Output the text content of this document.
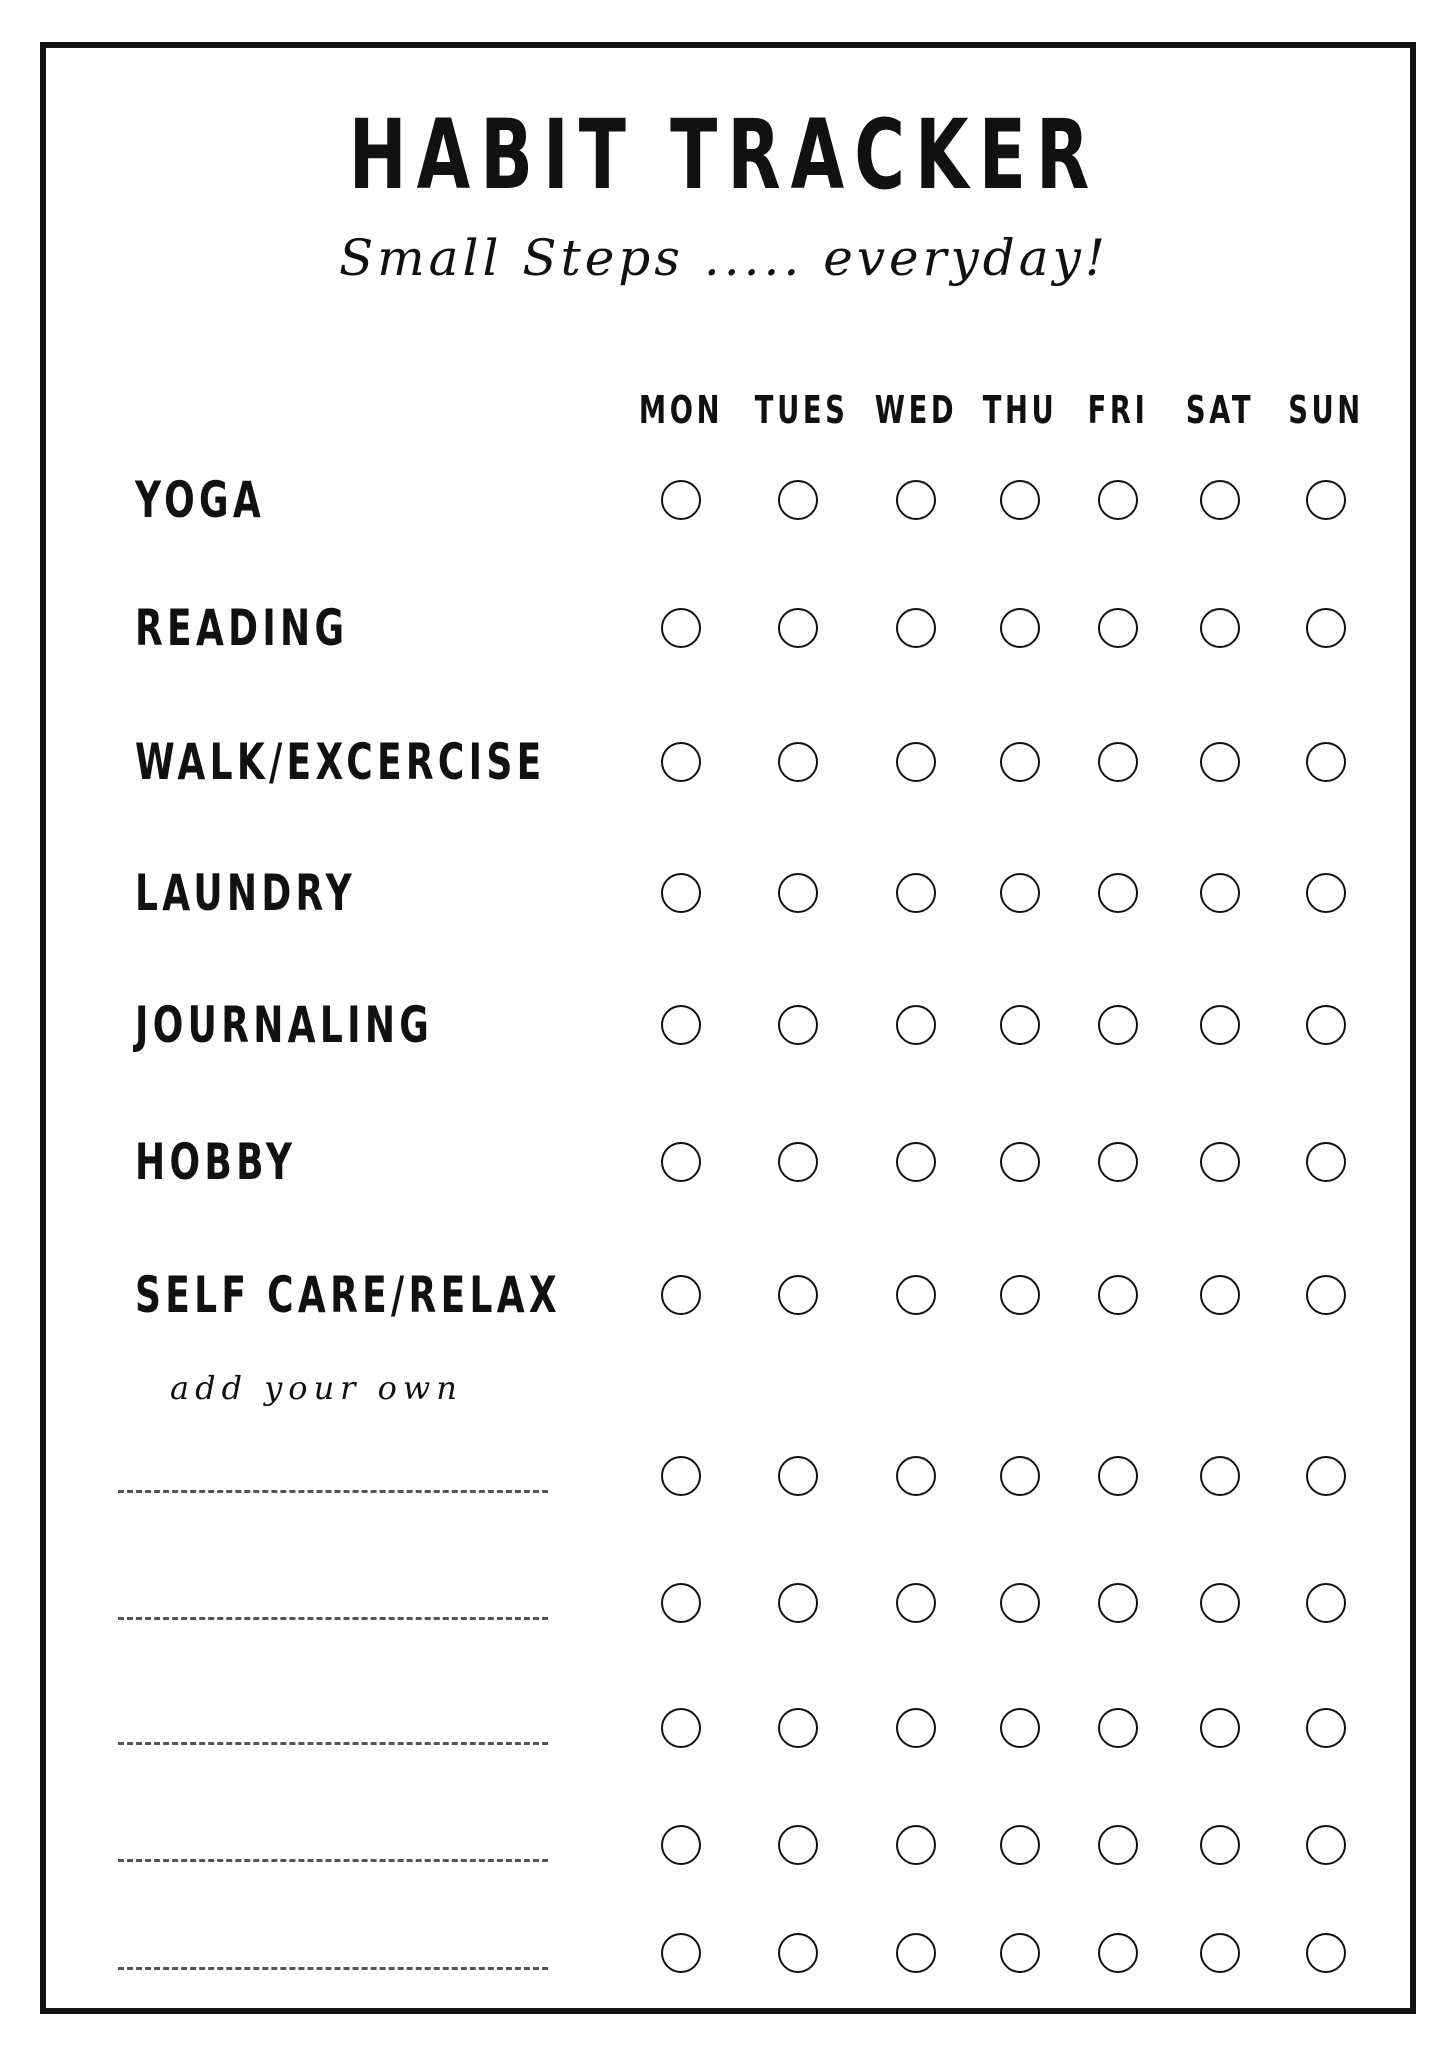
HABIT TRACKER
Small Steps ..... everyday!
MON TUES WED THU FRI SAT SUN
YOGA
READING
WALK/EXCERCISE
LAUNDRY
JOURNALING
HOBBY
SELF CARE/RELAX
add your own
